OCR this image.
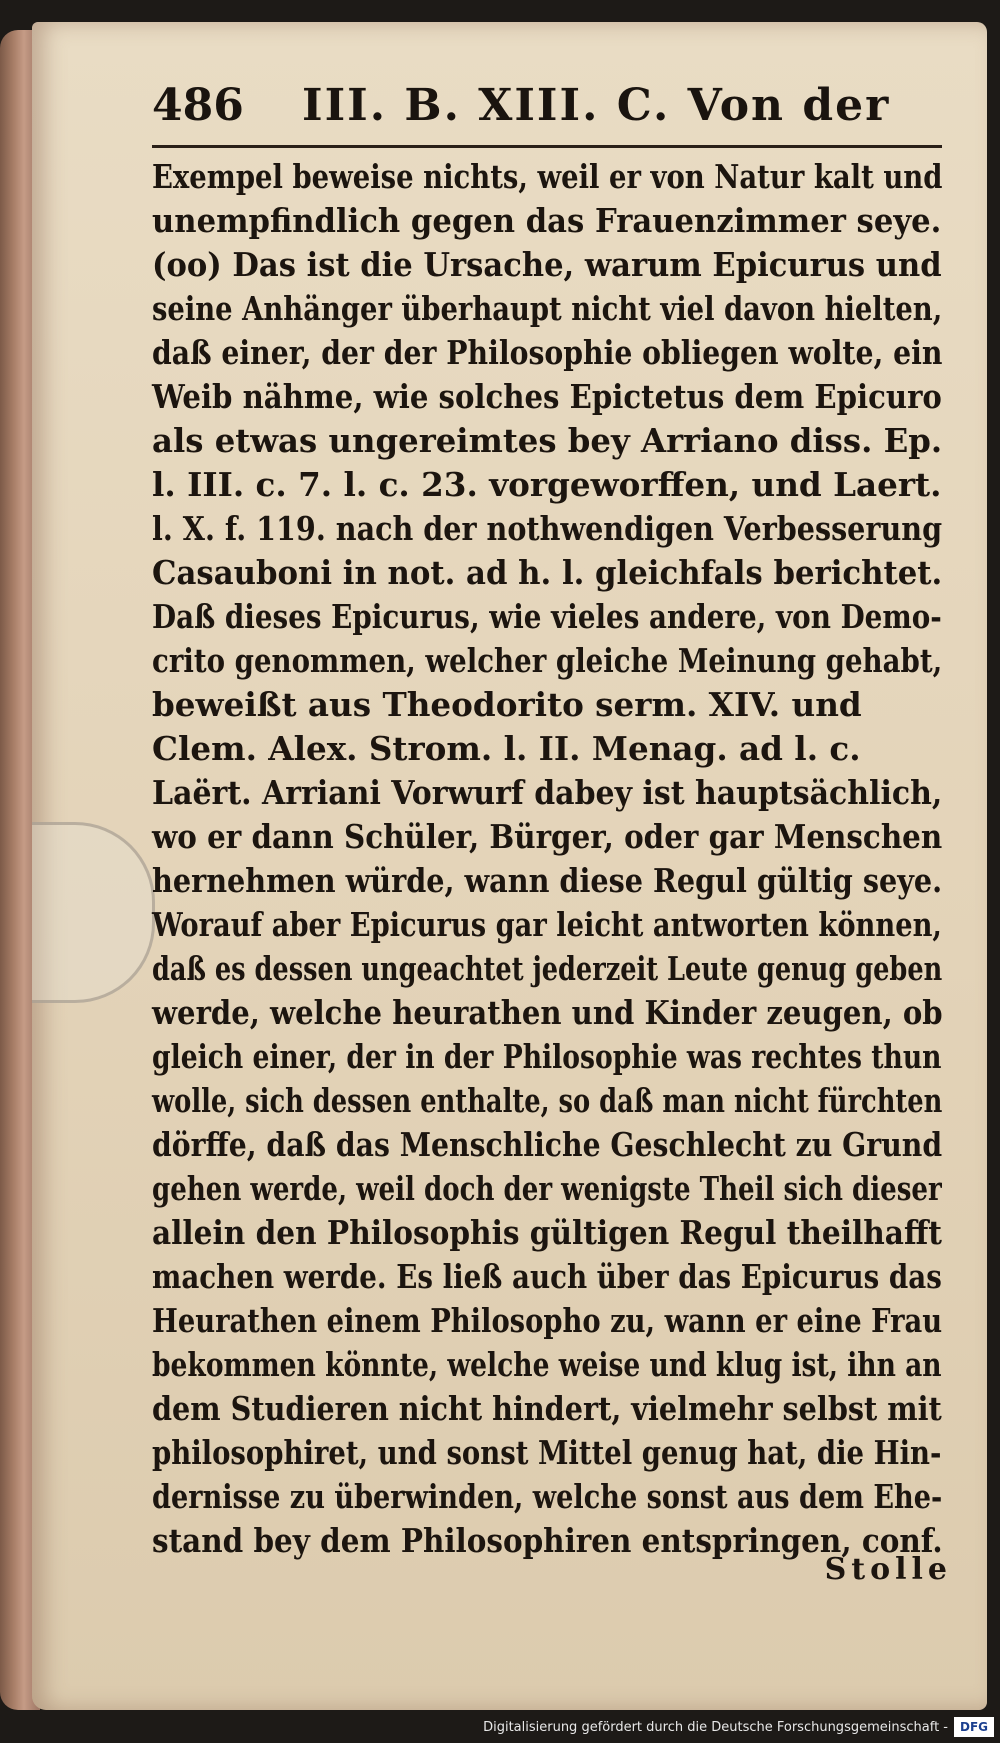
486 III. B. XIII. C. Von der
Exempel beweise nichts, weil er von Natur kalt und
unempfindlich gegen das Frauenzimmer seye.
(oo) Das ist die Ursache, warum Epicurus und
seine Anhänger überhaupt nicht viel davon hielten,
daß einer, der der Philosophie obliegen wolte, ein
Weib nähme, wie solches Epictetus dem Epicuro
als etwas ungereimtes bey Arriano diss. Ep.
l. III. c. 7. l. c. 23. vorgeworffen, und Laert.
l. X. f. 119. nach der nothwendigen Verbesserung
Casauboni in not. ad h. l. gleichfals berichtet.
Daß dieses Epicurus, wie vieles andere, von Demo-
crito genommen, welcher gleiche Meinung gehabt,
beweißt aus Theodorito serm. XIV. und
Clem. Alex. Strom. l. II. Menag. ad l. c.
Laërt. Arriani Vorwurf dabey ist hauptsächlich,
wo er dann Schüler, Bürger, oder gar Menschen
hernehmen würde, wann diese Regul gültig seye.
Worauf aber Epicurus gar leicht antworten können,
daß es dessen ungeachtet jederzeit Leute genug geben
werde, welche heurathen und Kinder zeugen, ob
gleich einer, der in der Philosophie was rechtes thun
wolle, sich dessen enthalte, so daß man nicht fürchten
dörffe, daß das Menschliche Geschlecht zu Grund
gehen werde, weil doch der wenigste Theil sich dieser
allein den Philosophis gültigen Regul theilhafft
machen werde. Es ließ auch über das Epicurus das
Heurathen einem Philosopho zu, wann er eine Frau
bekommen könnte, welche weise und klug ist, ihn an
dem Studieren nicht hindert, vielmehr selbst mit
philosophiret, und sonst Mittel genug hat, die Hin-
dernisse zu überwinden, welche sonst aus dem Ehe-
stand bey dem Philosophiren entspringen, conf.
Stolle
Digitalisierung gefördert durch die Deutsche Forschungsgemeinschaft - DFG
